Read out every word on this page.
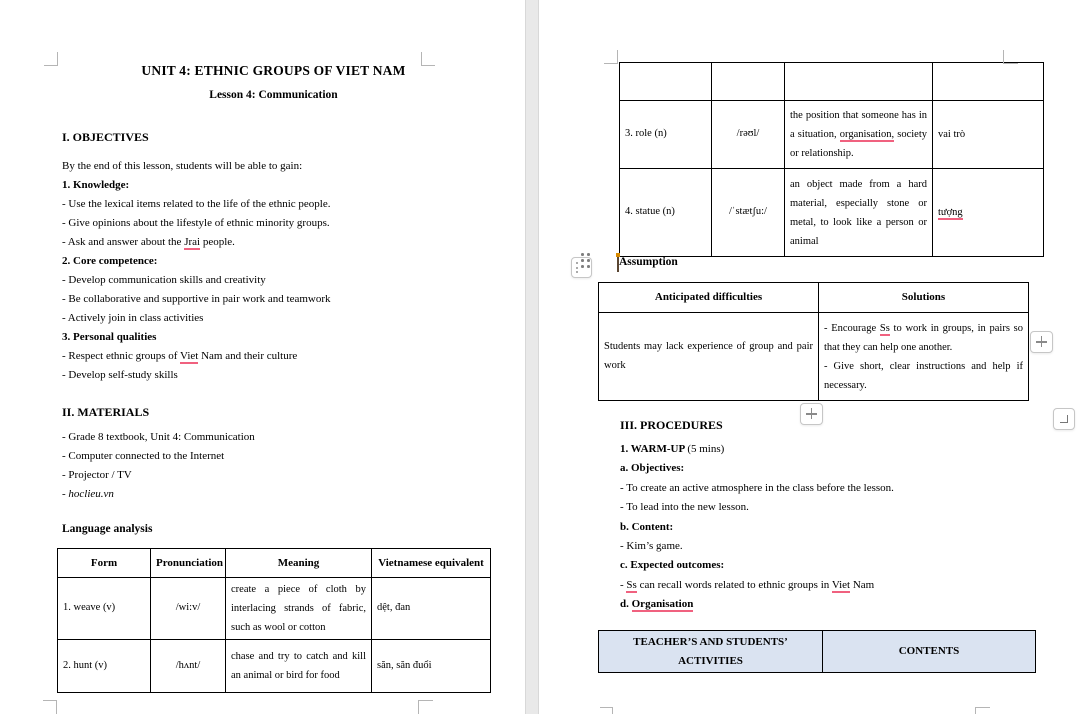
UNIT 4: ETHNIC GROUPS OF VIET NAM
Lesson 4: Communication
I. OBJECTIVES
By the end of this lesson, students will be able to gain:
1. Knowledge:
- Use the lexical items related to the life of the ethnic people.
- Give opinions about the lifestyle of ethnic minority groups.
- Ask and answer about the Jrai people.
2. Core competence:
- Develop communication skills and creativity
- Be collaborative and supportive in pair work and teamwork
- Actively join in class activities
3. Personal qualities
- Respect ethnic groups of Viet Nam and their culture
- Develop self-study skills
II. MATERIALS
- Grade 8 textbook, Unit 4: Communication
- Computer connected to the Internet
- Projector / TV
- hoclieu.vn
Language analysis
Form	Pronunciation	Meaning	Vietnamese equivalent
1. weave (v)	/wi:v/	create a piece of cloth by interlacing strands of fabric, such as wool or cotton	dệt, đan
2. hunt (v)	/hʌnt/	chase and try to catch and kill an animal or bird for food	săn, săn đuổi

3. role (n)	/rəʊl/	the position that someone has in a situation, organisation, society or relationship.	vai trò

4. statue (n)	/ˈstætʃu:/	an object made from a hard material, especially stone or metal, to look like a person or animal	tượng
Assumption
Anticipated difficulties	Solutions
Students may lack experience of group and pair work	- Encourage Ss to work in groups, in pairs so that they can help one another.
- Give short, clear instructions and help if necessary.
III. PROCEDURES
1. WARM-UP (5 mins)
a. Objectives:
- To create an active atmosphere in the class before the lesson.
- To lead into the new lesson.
b. Content:
- Kim’s game.
c. Expected outcomes:
- Ss can recall words related to ethnic groups in Viet Nam
d. Organisation
TEACHER’S AND STUDENTS’ ACTIVITIES	CONTENTS
